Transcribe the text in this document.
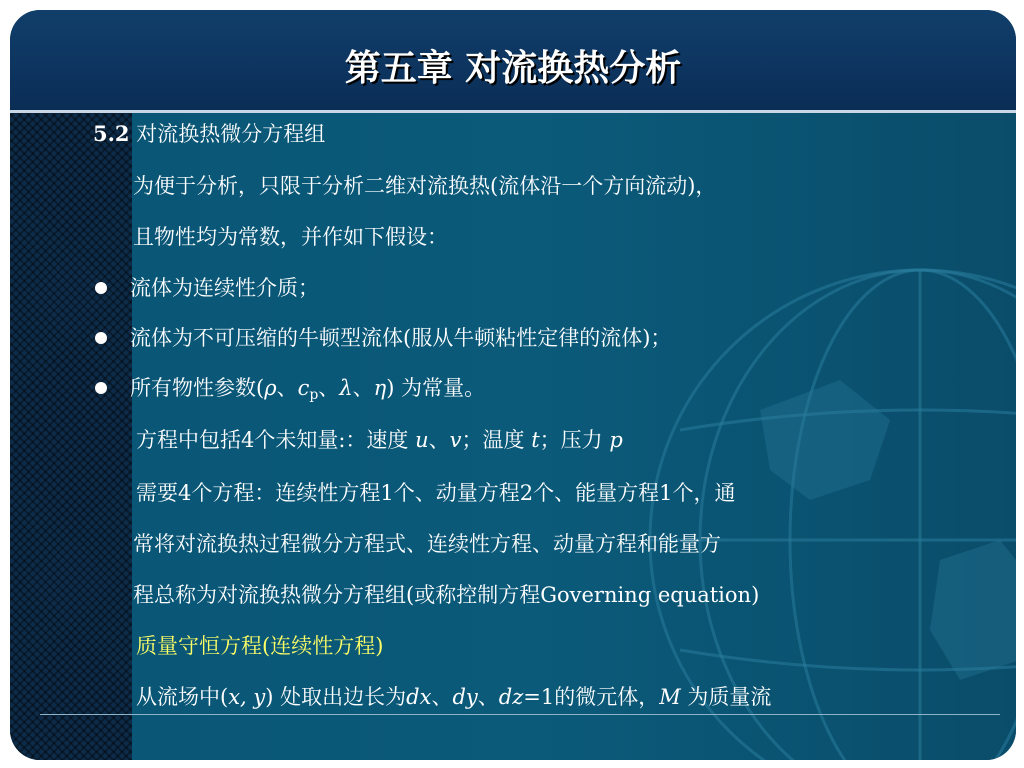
第五章 对流换热分析
5.2 对流换热微分方程组
为便于分析，只限于分析二维对流换热(流体沿一个方向流动)，
且物性均为常数，并作如下假设：
流体为连续性介质；
流体为不可压缩的牛顿型流体(服从牛顿粘性定律的流体)；
所有物性参数(ρ、$c_p$、λ、η) 为常量。
方程中包括4个未知量:：速度 u、v；温度 t；压力 p
需要4个方程：连续性方程1个、动量方程2个、能量方程1个，通
常将对流换热过程微分方程式、连续性方程、动量方程和能量方
程总称为对流换热微分方程组(或称控制方程Governing equation)
质量守恒方程(连续性方程)
从流场中(x, y) 处取出边长为dx、dy、dz=1的微元体，M 为质量流
